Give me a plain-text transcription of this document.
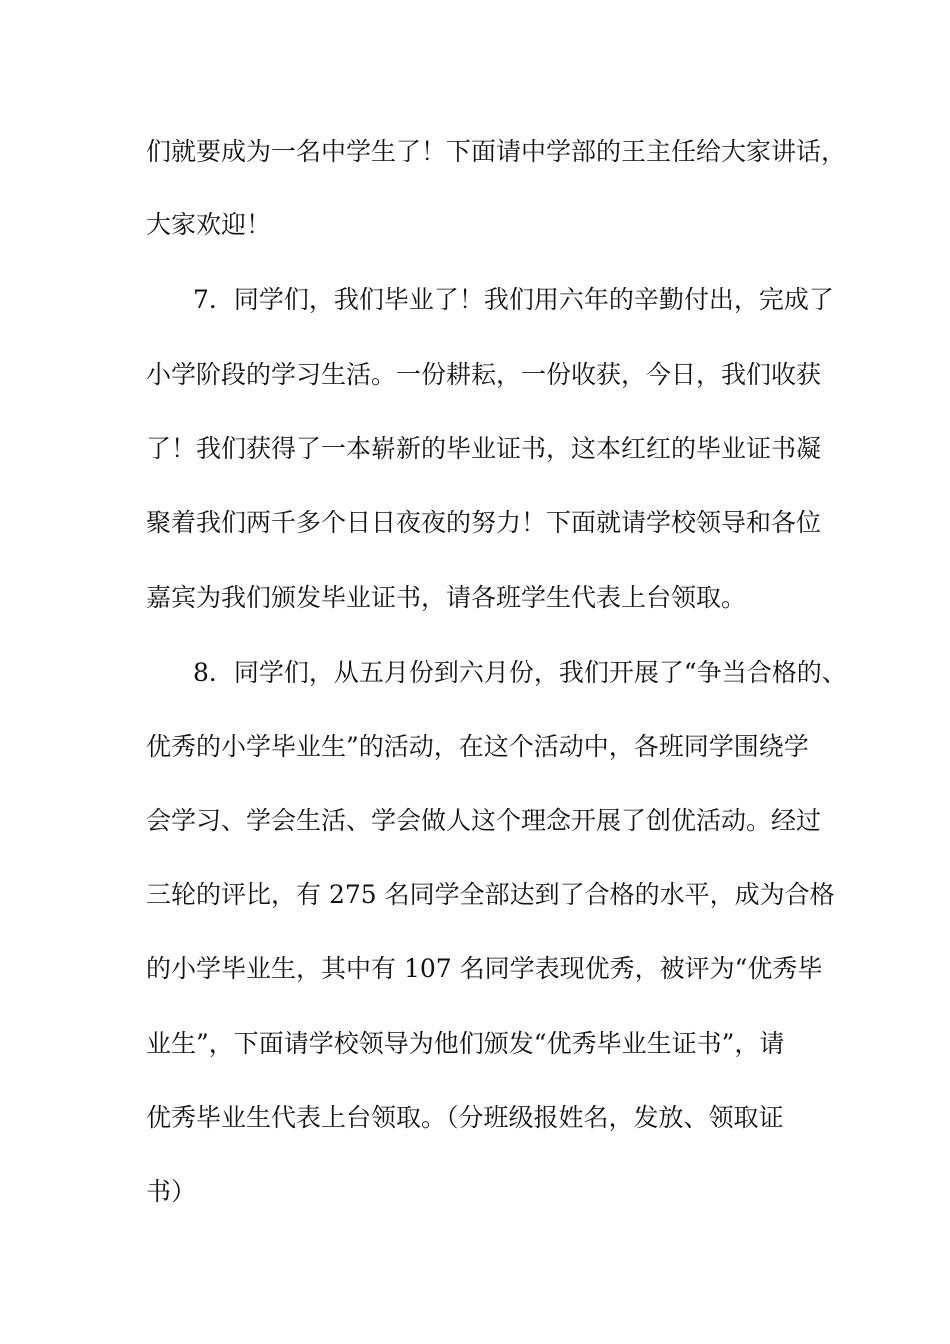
们就要成为一名中学生了！下面请中学部的王主任给大家讲话，
大家欢迎！
7．同学们，我们毕业了！我们用六年的辛勤付出，完成了
小学阶段的学习生活。一份耕耘，一份收获，今日，我们收获
了！我们获得了一本崭新的毕业证书，这本红红的毕业证书凝
聚着我们两千多个日日夜夜的努力！下面就请学校领导和各位
嘉宾为我们颁发毕业证书，请各班学生代表上台领取。
8．同学们，从五月份到六月份，我们开展了“争当合格的、
优秀的小学毕业生”的活动，在这个活动中，各班同学围绕学
会学习、学会生活、学会做人这个理念开展了创优活动。经过
三轮的评比，有 275 名同学全部达到了合格的水平，成为合格
的小学毕业生，其中有 107 名同学表现优秀，被评为“优秀毕
业生”，下面请学校领导为他们颁发“优秀毕业生证书”，请
优秀毕业生代表上台领取。（分班级报姓名，发放、领取证
书）
